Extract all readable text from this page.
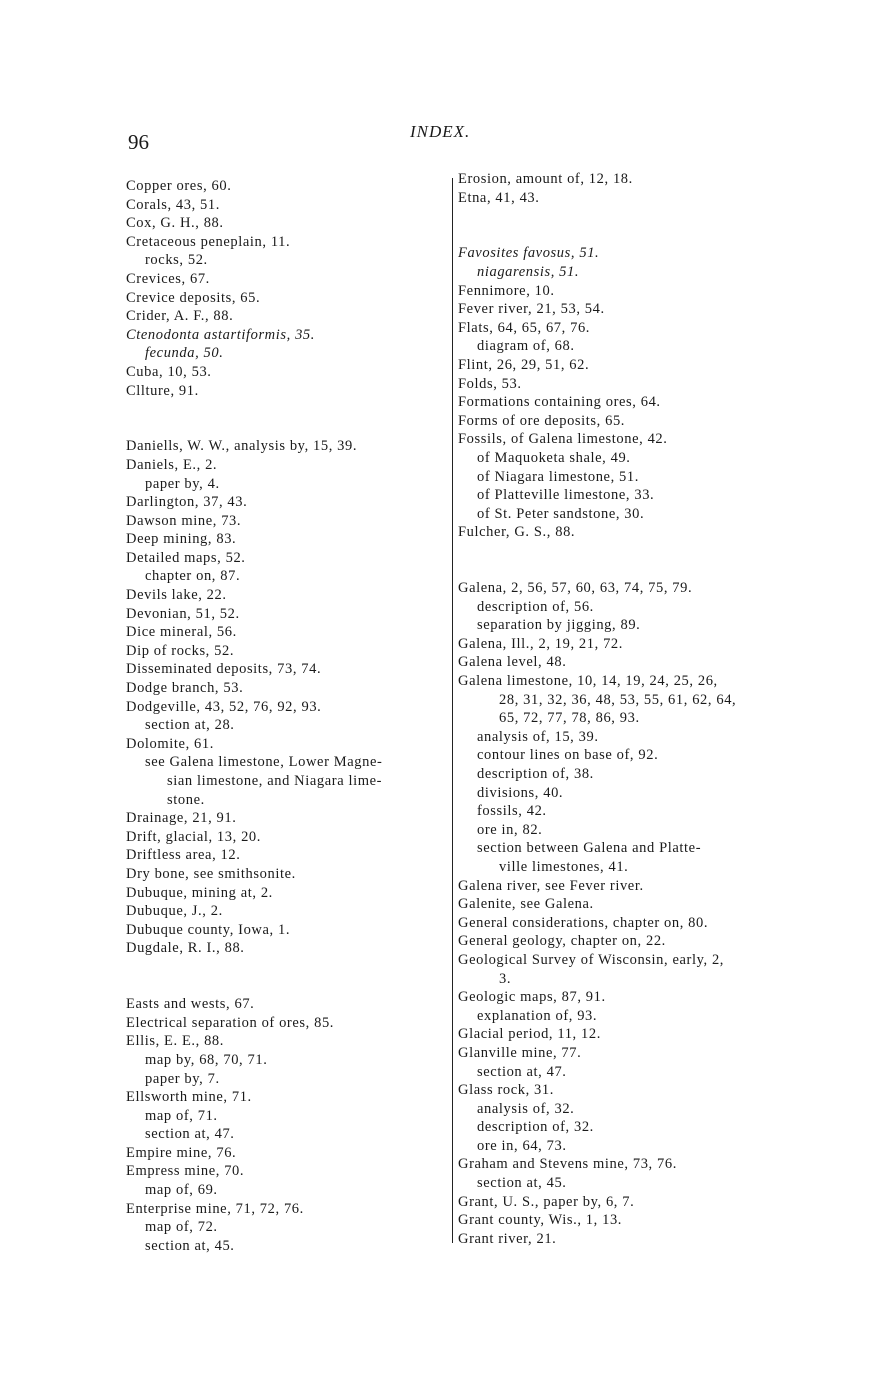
96	INDEX.
Copper ores, 60.
Corals, 43, 51.
Cox, G. H., 88.
Cretaceous peneplain, 11.
rocks, 52.
Crevices, 67.
Crevice deposits, 65.
Crider, A. F., 88.
Ctenodonta astartiformis, 35.
fecunda, 50.
Cuba, 10, 53.
Cllture, 91.
Daniells, W. W., analysis by, 15, 39.
Daniels, E., 2.
paper by, 4.
Darlington, 37, 43.
Dawson mine, 73.
Deep mining, 83.
Detailed maps, 52.
chapter on, 87.
Devils lake, 22.
Devonian, 51, 52.
Dice mineral, 56.
Dip of rocks, 52.
Disseminated deposits, 73, 74.
Dodge branch, 53.
Dodgeville, 43, 52, 76, 92, 93.
section at, 28.
Dolomite, 61.
see Galena limestone, Lower Magne-
sian limestone, and Niagara lime-
stone.
Drainage, 21, 91.
Drift, glacial, 13, 20.
Driftless area, 12.
Dry bone, see smithsonite.
Dubuque, mining at, 2.
Dubuque, J., 2.
Dubuque county, Iowa, 1.
Dugdale, R. I., 88.
Easts and wests, 67.
Electrical separation of ores, 85.
Ellis, E. E., 88.
map by, 68, 70, 71.
paper by, 7.
Ellsworth mine, 71.
map of, 71.
section at, 47.
Empire mine, 76.
Empress mine, 70.
map of, 69.
Enterprise mine, 71, 72, 76.
map of, 72.
section at, 45.
Erosion, amount of, 12, 18.
Etna, 41, 43.
Favosites favosus, 51.
niagarensis, 51.
Fennimore, 10.
Fever river, 21, 53, 54.
Flats, 64, 65, 67, 76.
diagram of, 68.
Flint, 26, 29, 51, 62.
Folds, 53.
Formations containing ores, 64.
Forms of ore deposits, 65.
Fossils, of Galena limestone, 42.
of Maquoketa shale, 49.
of Niagara limestone, 51.
of Platteville limestone, 33.
of St. Peter sandstone, 30.
Fulcher, G. S., 88.
Galena, 2, 56, 57, 60, 63, 74, 75, 79.
description of, 56.
separation by jigging, 89.
Galena, Ill., 2, 19, 21, 72.
Galena level, 48.
Galena limestone, 10, 14, 19, 24, 25, 26,
28, 31, 32, 36, 48, 53, 55, 61, 62, 64,
65, 72, 77, 78, 86, 93.
analysis of, 15, 39.
contour lines on base of, 92.
description of, 38.
divisions, 40.
fossils, 42.
ore in, 82.
section between Galena and Platte-
ville limestones, 41.
Galena river, see Fever river.
Galenite, see Galena.
General considerations, chapter on, 80.
General geology, chapter on, 22.
Geological Survey of Wisconsin, early, 2,
3.
Geologic maps, 87, 91.
explanation of, 93.
Glacial period, 11, 12.
Glanville mine, 77.
section at, 47.
Glass rock, 31.
analysis of, 32.
description of, 32.
ore in, 64, 73.
Graham and Stevens mine, 73, 76.
section at, 45.
Grant, U. S., paper by, 6, 7.
Grant county, Wis., 1, 13.
Grant river, 21.
